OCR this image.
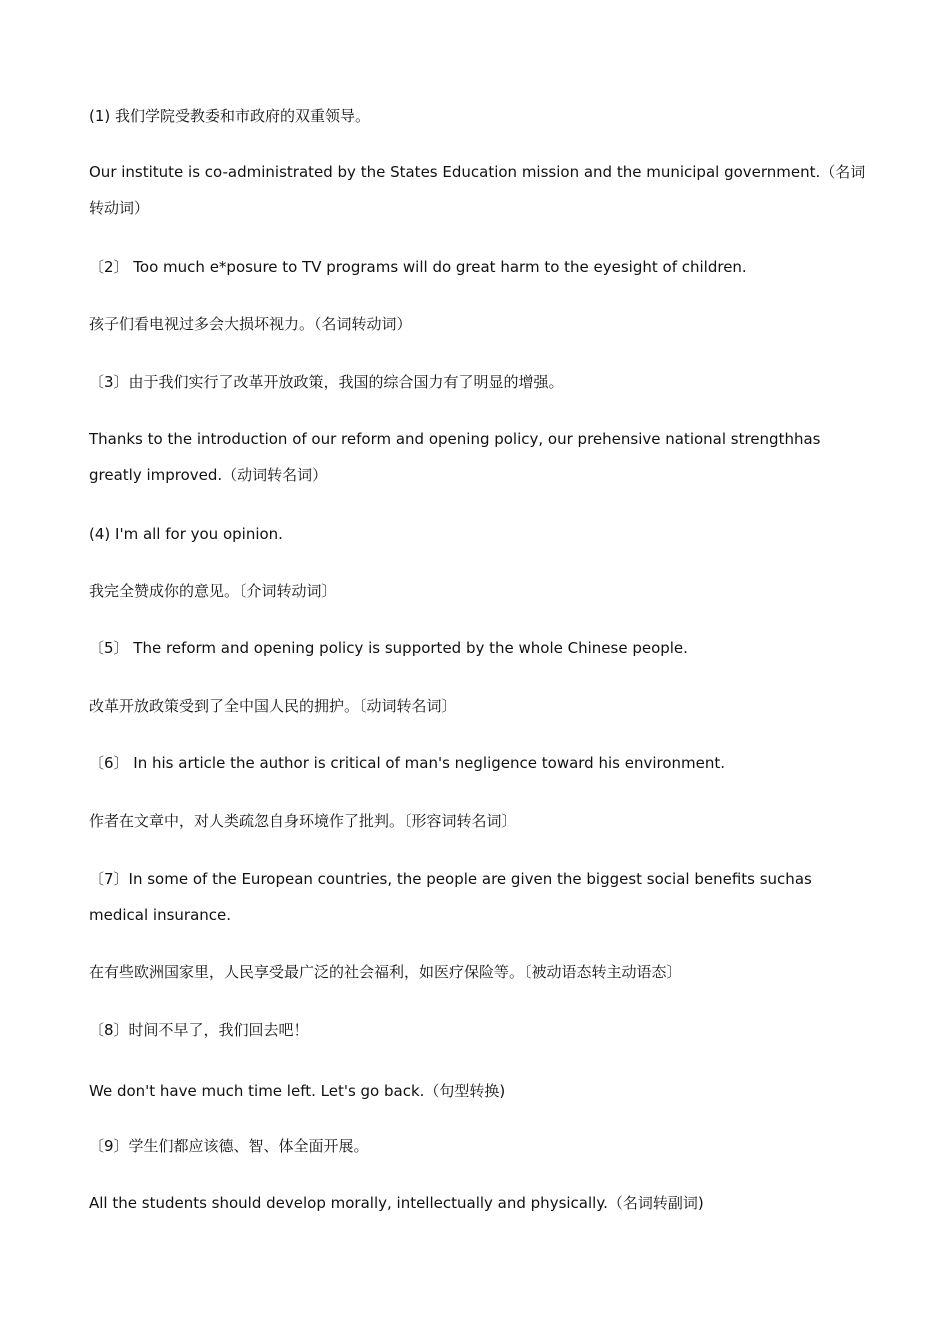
(1) 我们学院受教委和市政府的双重领导。
Our institute is co-administrated by the States Education mission and the municipal government.（名词转动词）
〔2〕 Too much e*posure to TV programs will do great harm to the eyesight of children.
孩子们看电视过多会大损坏视力。（名词转动词）
〔3〕由于我们实行了改革开放政策，我国的综合国力有了明显的增强。
Thanks to the introduction of our reform and opening policy, our prehensive national strengthhas greatly improved.（动词转名词）
(4) I'm all for you opinion.
我完全赞成你的意见。〔介词转动词〕
〔5〕 The reform and opening policy is supported by the whole Chinese people.
改革开放政策受到了全中国人民的拥护。〔动词转名词〕
〔6〕 In his article the author is critical of man's negligence toward his environment.
作者在文章中，对人类疏忽自身环境作了批判。〔形容词转名词〕
〔7〕In some of the European countries, the people are given the biggest social benefits suchas medical insurance.
在有些欧洲国家里，人民享受最广泛的社会福利，如医疗保险等。〔被动语态转主动语态〕
〔8〕时间不早了，我们回去吧！
We don't have much time left. Let's go back.（句型转换)
〔9〕学生们都应该德、智、体全面开展。
All the students should develop morally, intellectually and physically.（名词转副词)
